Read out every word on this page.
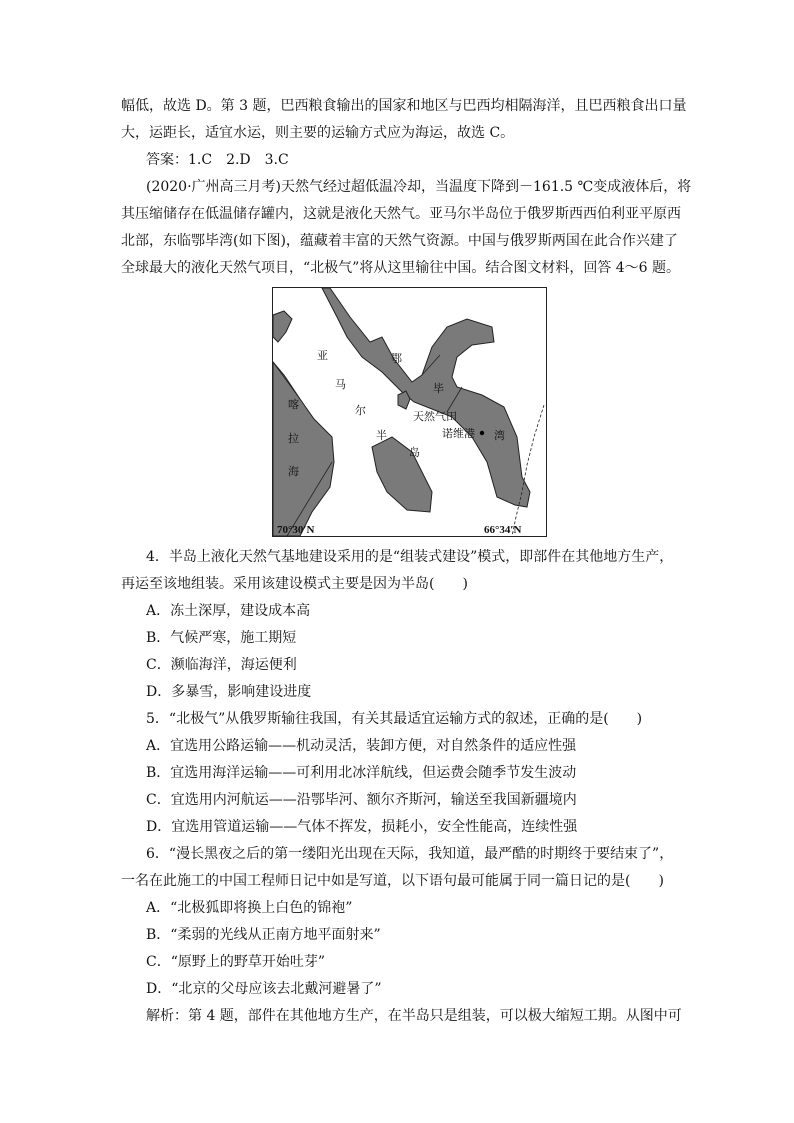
幅低，故选 D。第 3 题，巴西粮食输出的国家和地区与巴西均相隔海洋，且巴西粮食出口量
大，运距长，适宜水运，则主要的运输方式应为海运，故选 C。
答案：1.C　2.D　3.C
(2020·广州高三月考)天然气经过超低温冷却，当温度下降到－161.5 ℃变成液体后，将
其压缩储存在低温储存罐内，这就是液化天然气。亚马尔半岛位于俄罗斯西西伯利亚平原西
北部，东临鄂毕湾(如下图)，蕴藏着丰富的天然气资源。中国与俄罗斯两国在此合作兴建了
全球最大的液化天然气项目，“北极气”将从这里输往中国。结合图文材料，回答 4～6 题。
亚
马
尔
半
岛
喀
拉
海
鄂
毕
湾
天然气田
诺维港
70°30′N	66°34′N
4．半岛上液化天然气基地建设采用的是“组装式建设”模式，即部件在其他地方生产，
再运至该地组装。采用该建设模式主要是因为半岛(　　)
A．冻土深厚，建设成本高
B．气候严寒，施工期短
C．濒临海洋，海运便利
D．多暴雪，影响建设进度
5．“北极气”从俄罗斯输往我国，有关其最适宜运输方式的叙述，正确的是(　　)
A．宜选用公路运输——机动灵活，装卸方便，对自然条件的适应性强
B．宜选用海洋运输——可利用北冰洋航线，但运费会随季节发生波动
C．宜选用内河航运——沿鄂毕河、额尔齐斯河，输送至我国新疆境内
D．宜选用管道运输——气体不挥发，损耗小，安全性能高，连续性强
6．“漫长黑夜之后的第一缕阳光出现在天际，我知道，最严酷的时期终于要结束了”，
一名在此施工的中国工程师日记中如是写道，以下语句最可能属于同一篇日记的是(　　)
A．“北极狐即将换上白色的锦袍”
B．“柔弱的光线从正南方地平面射来”
C．“原野上的野草开始吐芽”
D．“北京的父母应该去北戴河避暑了”
解析：第 4 题，部件在其他地方生产，在半岛只是组装，可以极大缩短工期。从图中可
